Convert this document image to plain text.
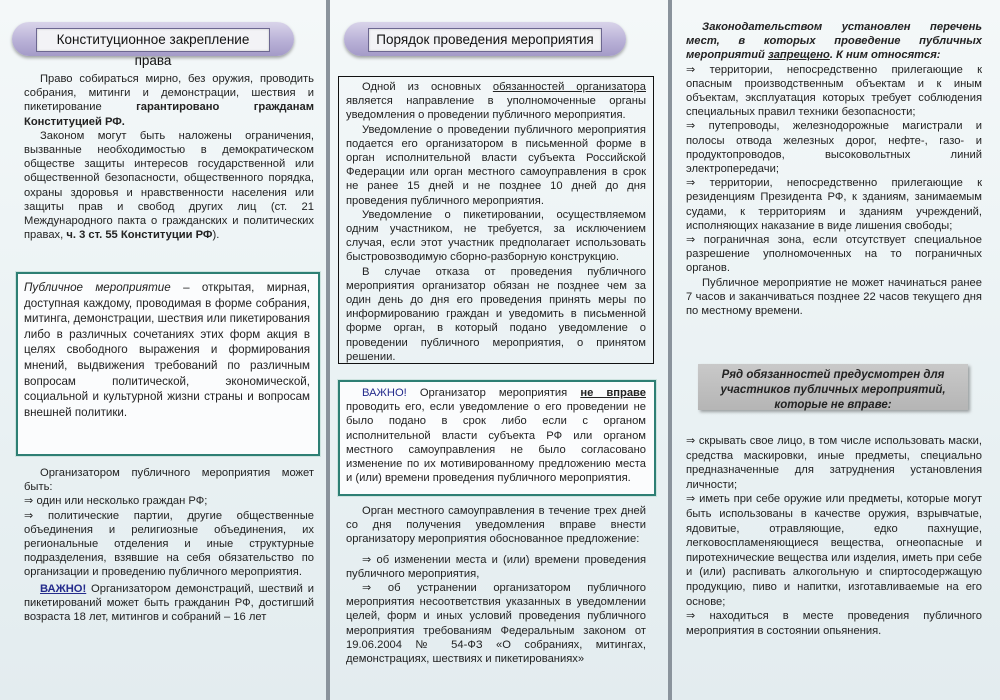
Конституционное закрепление права

Право собираться мирно, без оружия, проводить собрания, митинги и демонстрации, шествия и пикетирование гарантировано гражданам Конституцией РФ.

Законом могут быть наложены ограничения, вызванные необходимостью в демократическом обществе защиты интересов государственной или общественной безопасности, общественного порядка, охраны здоровья и нравственности населения или защиты прав и свобод других лиц (ст. 21 Международного пакта о гражданских и политических правах, ч. 3 ст. 55 Конституции РФ).

Публичное мероприятие – открытая, мирная, доступная каждому, проводимая в форме собрания, митинга, демонстрации, шествия или пикетирования либо в различных сочетаниях этих форм акция в целях свободного выражения и формирования мнений, выдвижения требований по различным вопросам политической, экономической, социальной и культурной жизни страны и вопросам внешней политики.

Организатором публичного мероприятия может быть:

⇒ один или несколько граждан РФ;

⇒ политические партии, другие общественные объединения и религиозные объединения, их региональные отделения и иные структурные подразделения, взявшие на себя обязательство по организации и проведению публичного мероприятия.

ВАЖНО! Организатором демонстраций, шествий и пикетирований может быть гражданин РФ, достигший возраста 18 лет, митингов и собраний – 16 лет

Порядок проведения мероприятия

Одной из основных обязанностей организатора является направление в уполномоченные органы уведомления о проведении публичного мероприятия.

Уведомление о проведении публичного мероприятия подается его организатором в письменной форме в орган исполнительной власти субъекта Российской Федерации или орган местного самоуправления в срок не ранее 15 дней и не позднее 10 дней до дня проведения публичного мероприятия.

Уведомление о пикетировании, осуществляемом одним участником, не требуется, за исключением случая, если этот участник предполагает использовать быстровозводимую сборно-разборную конструкцию.

В случае отказа от проведения публичного мероприятия организатор обязан не позднее чем за один день до дня его проведения принять меры по информированию граждан и уведомить в письменной форме орган, в который подано уведомление о проведении публичного мероприятия, о принятом решении.

ВАЖНО! Организатор мероприятия не вправе проводить его, если уведомление о его проведении не было подано в срок либо если с органом исполнительной власти субъекта РФ или органом местного самоуправления не было согласовано изменение по их мотивированному предложению места и (или) времени проведения публичного мероприятия.

Орган местного самоуправления в течение трех дней со дня получения уведомления вправе внести организатору мероприятия обоснованное предложение:

⇒ об изменении места и (или) времени проведения публичного мероприятия,

⇒ об устранении организатором публичного мероприятия несоответствия указанных в уведомлении целей, форм и иных условий проведения публичного мероприятия требованиям Федеральным законом от 19.06.2004 № 54-ФЗ «О собраниях, митингах, демонстрациях, шествиях и пикетированиях»

Законодательством установлен перечень мест, в которых проведение публичных мероприятий запрещено. К ним относятся:

⇒ территории, непосредственно прилегающие к опасным производственным объектам и к иным объектам, эксплуатация которых требует соблюдения специальных правил техники безопасности;

⇒ путепроводы, железнодорожные магистрали и полосы отвода железных дорог, нефте-, газо- и продуктопроводов, высоковольтных линий электропередачи;

⇒ территории, непосредственно прилегающие к резиденциям Президента РФ, к зданиям, занимаемым судами, к территориям и зданиям учреждений, исполняющих наказание в виде лишения свободы;

⇒ пограничная зона, если отсутствует специальное разрешение уполномоченных на то пограничных органов.

Публичное мероприятие не может начинаться ранее 7 часов и заканчиваться позднее 22 часов текущего дня по местному времени.

Ряд обязанностей предусмотрен для участников публичных мероприятий, которые не вправе:

⇒ скрывать свое лицо, в том числе использовать маски, средства маскировки, иные предметы, специально предназначенные для затруднения установления личности;

⇒ иметь при себе оружие или предметы, которые могут быть использованы в качестве оружия, взрывчатые, ядовитые, отравляющие, едко пахнущие, легковоспламеняющиеся вещества, огнеопасные и пиротехнические вещества или изделия, иметь при себе и (или) распивать алкогольную и спиртосодержащую продукцию, пиво и напитки, изготавливаемые на его основе;

⇒ находиться в месте проведения публичного мероприятия в состоянии опьянения.
